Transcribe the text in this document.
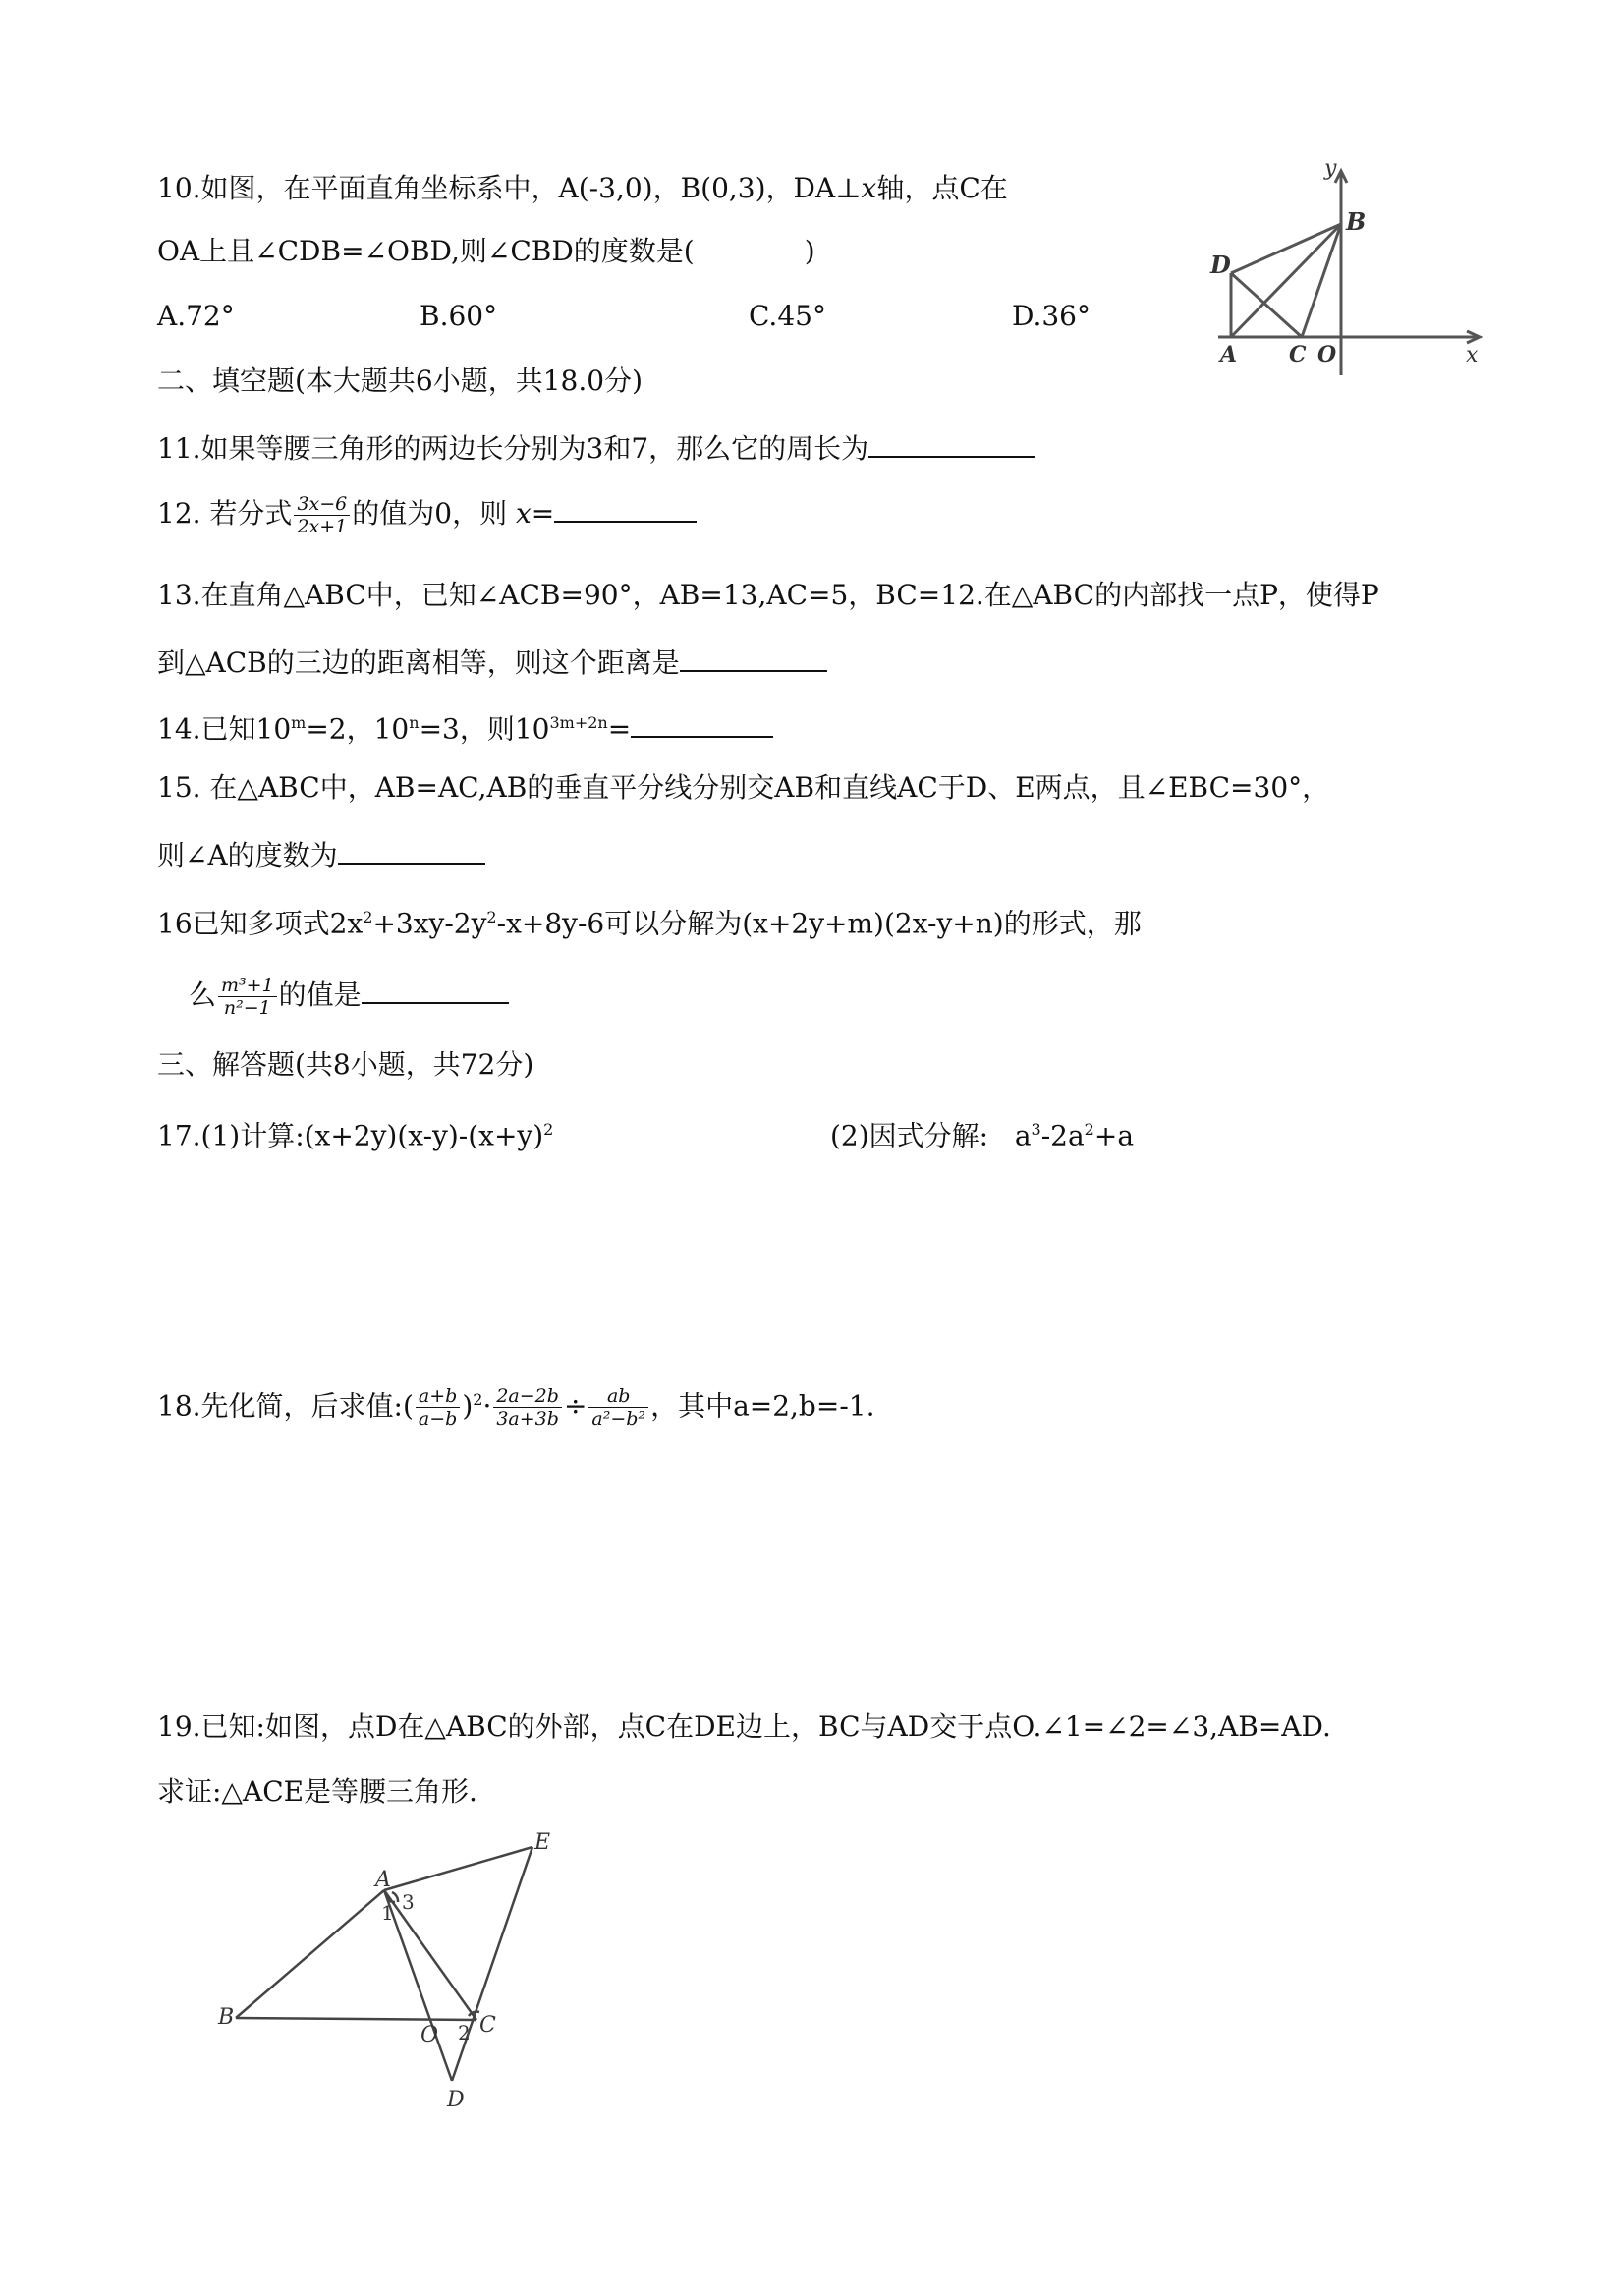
10.如图，在平面直角坐标系中，A(-3,0)，B(0,3)，DA⊥x轴，点C在
OA上且∠CDB=∠OBD,则∠CBD的度数是(　　　　)
A.72°	B.60°	C.45°	D.36°
y
B
D
A C O	x
二、填空题(本大题共6小题，共18.0分)
11.如果等腰三角形的两边长分别为3和7，那么它的周长为
12. 若分式 $\frac{3x-6}{2x+1}$ 的值为0，则 x=
13.在直角△ABC中，已知∠ACB=90°，AB=13,AC=5，BC=12.在△ABC的内部找一点P，使得P
到△ACB的三边的距离相等，则这个距离是
14.已知$10^m=2$，$10^n=3$，则$10^{3m+2n}=$
15. 在△ABC中，AB=AC,AB的垂直平分线分别交AB和直线AC于D、E两点，且∠EBC=30°，
则∠A的度数为
16已知多项式$2x^2+3xy-2y^2-x+8y-6$可以分解为(x+2y+m)(2x-y+n)的形式，那
么 $\frac{\text{m³+1}}{\text{n²−1}}$ 的值是
三、解答题(共8小题，共72分)
17.(1)计算$:(x+2y)(x-y)-(x+y)^2$	(2)因式分解: $a^3-2a^2+a$
18.先化简，后求值:( $\frac{a+b}{a-b} )^2\cdot \frac{2a-2b}{3a+3b} \div \frac{ab}{\text{a²−b²}}$ ，其中a=2,b=-1.
19.已知:如图，点D在△ABC的外部，点C在DE边上，BC与AD交于点O.∠1=∠2=∠3,AB=AD.
求证:△ACE是等腰三角形.
A
E
B
O C
D
1
2
3
